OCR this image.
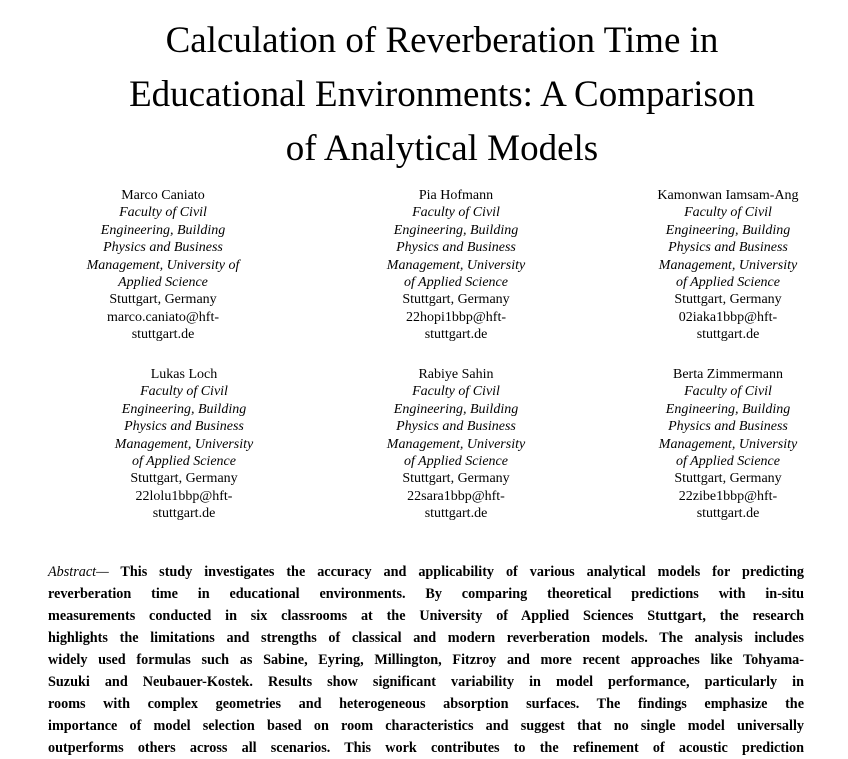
Calculation of Reverberation Time in
Educational Environments: A Comparison
of Analytical Models
Marco Caniato
Faculty of Civil
Engineering, Building
Physics and Business
Management, University of
Applied Science
Stuttgart, Germany
marco.caniato@hft-
stuttgart.de
Pia Hofmann
Faculty of Civil
Engineering, Building
Physics and Business
Management, University
of Applied Science
Stuttgart, Germany
22hopi1bbp@hft-
stuttgart.de
Kamonwan Iamsam-Ang
Faculty of Civil
Engineering, Building
Physics and Business
Management, University
of Applied Science
Stuttgart, Germany
02iaka1bbp@hft-
stuttgart.de
Lukas Loch
Faculty of Civil
Engineering, Building
Physics and Business
Management, University
of Applied Science
Stuttgart, Germany
22lolu1bbp@hft-
stuttgart.de
Rabiye Sahin
Faculty of Civil
Engineering, Building
Physics and Business
Management, University
of Applied Science
Stuttgart, Germany
22sara1bbp@hft-
stuttgart.de
Berta Zimmermann
Faculty of Civil
Engineering, Building
Physics and Business
Management, University
of Applied Science
Stuttgart, Germany
22zibe1bbp@hft-
stuttgart.de
Abstract— This study investigates the accuracy and applicability of various analytical models for predicting
reverberation time in educational environments. By comparing theoretical predictions with in-situ
measurements conducted in six classrooms at the University of Applied Sciences Stuttgart, the research
highlights the limitations and strengths of classical and modern reverberation models. The analysis includes
widely used formulas such as Sabine, Eyring, Millington, Fitzroy and more recent approaches like Tohyama-
Suzuki and Neubauer-Kostek. Results show significant variability in model performance, particularly in
rooms with complex geometries and heterogeneous absorption surfaces. The findings emphasize the
importance of model selection based on room characteristics and suggest that no single model universally
outperforms others across all scenarios. This work contributes to the refinement of acoustic prediction
